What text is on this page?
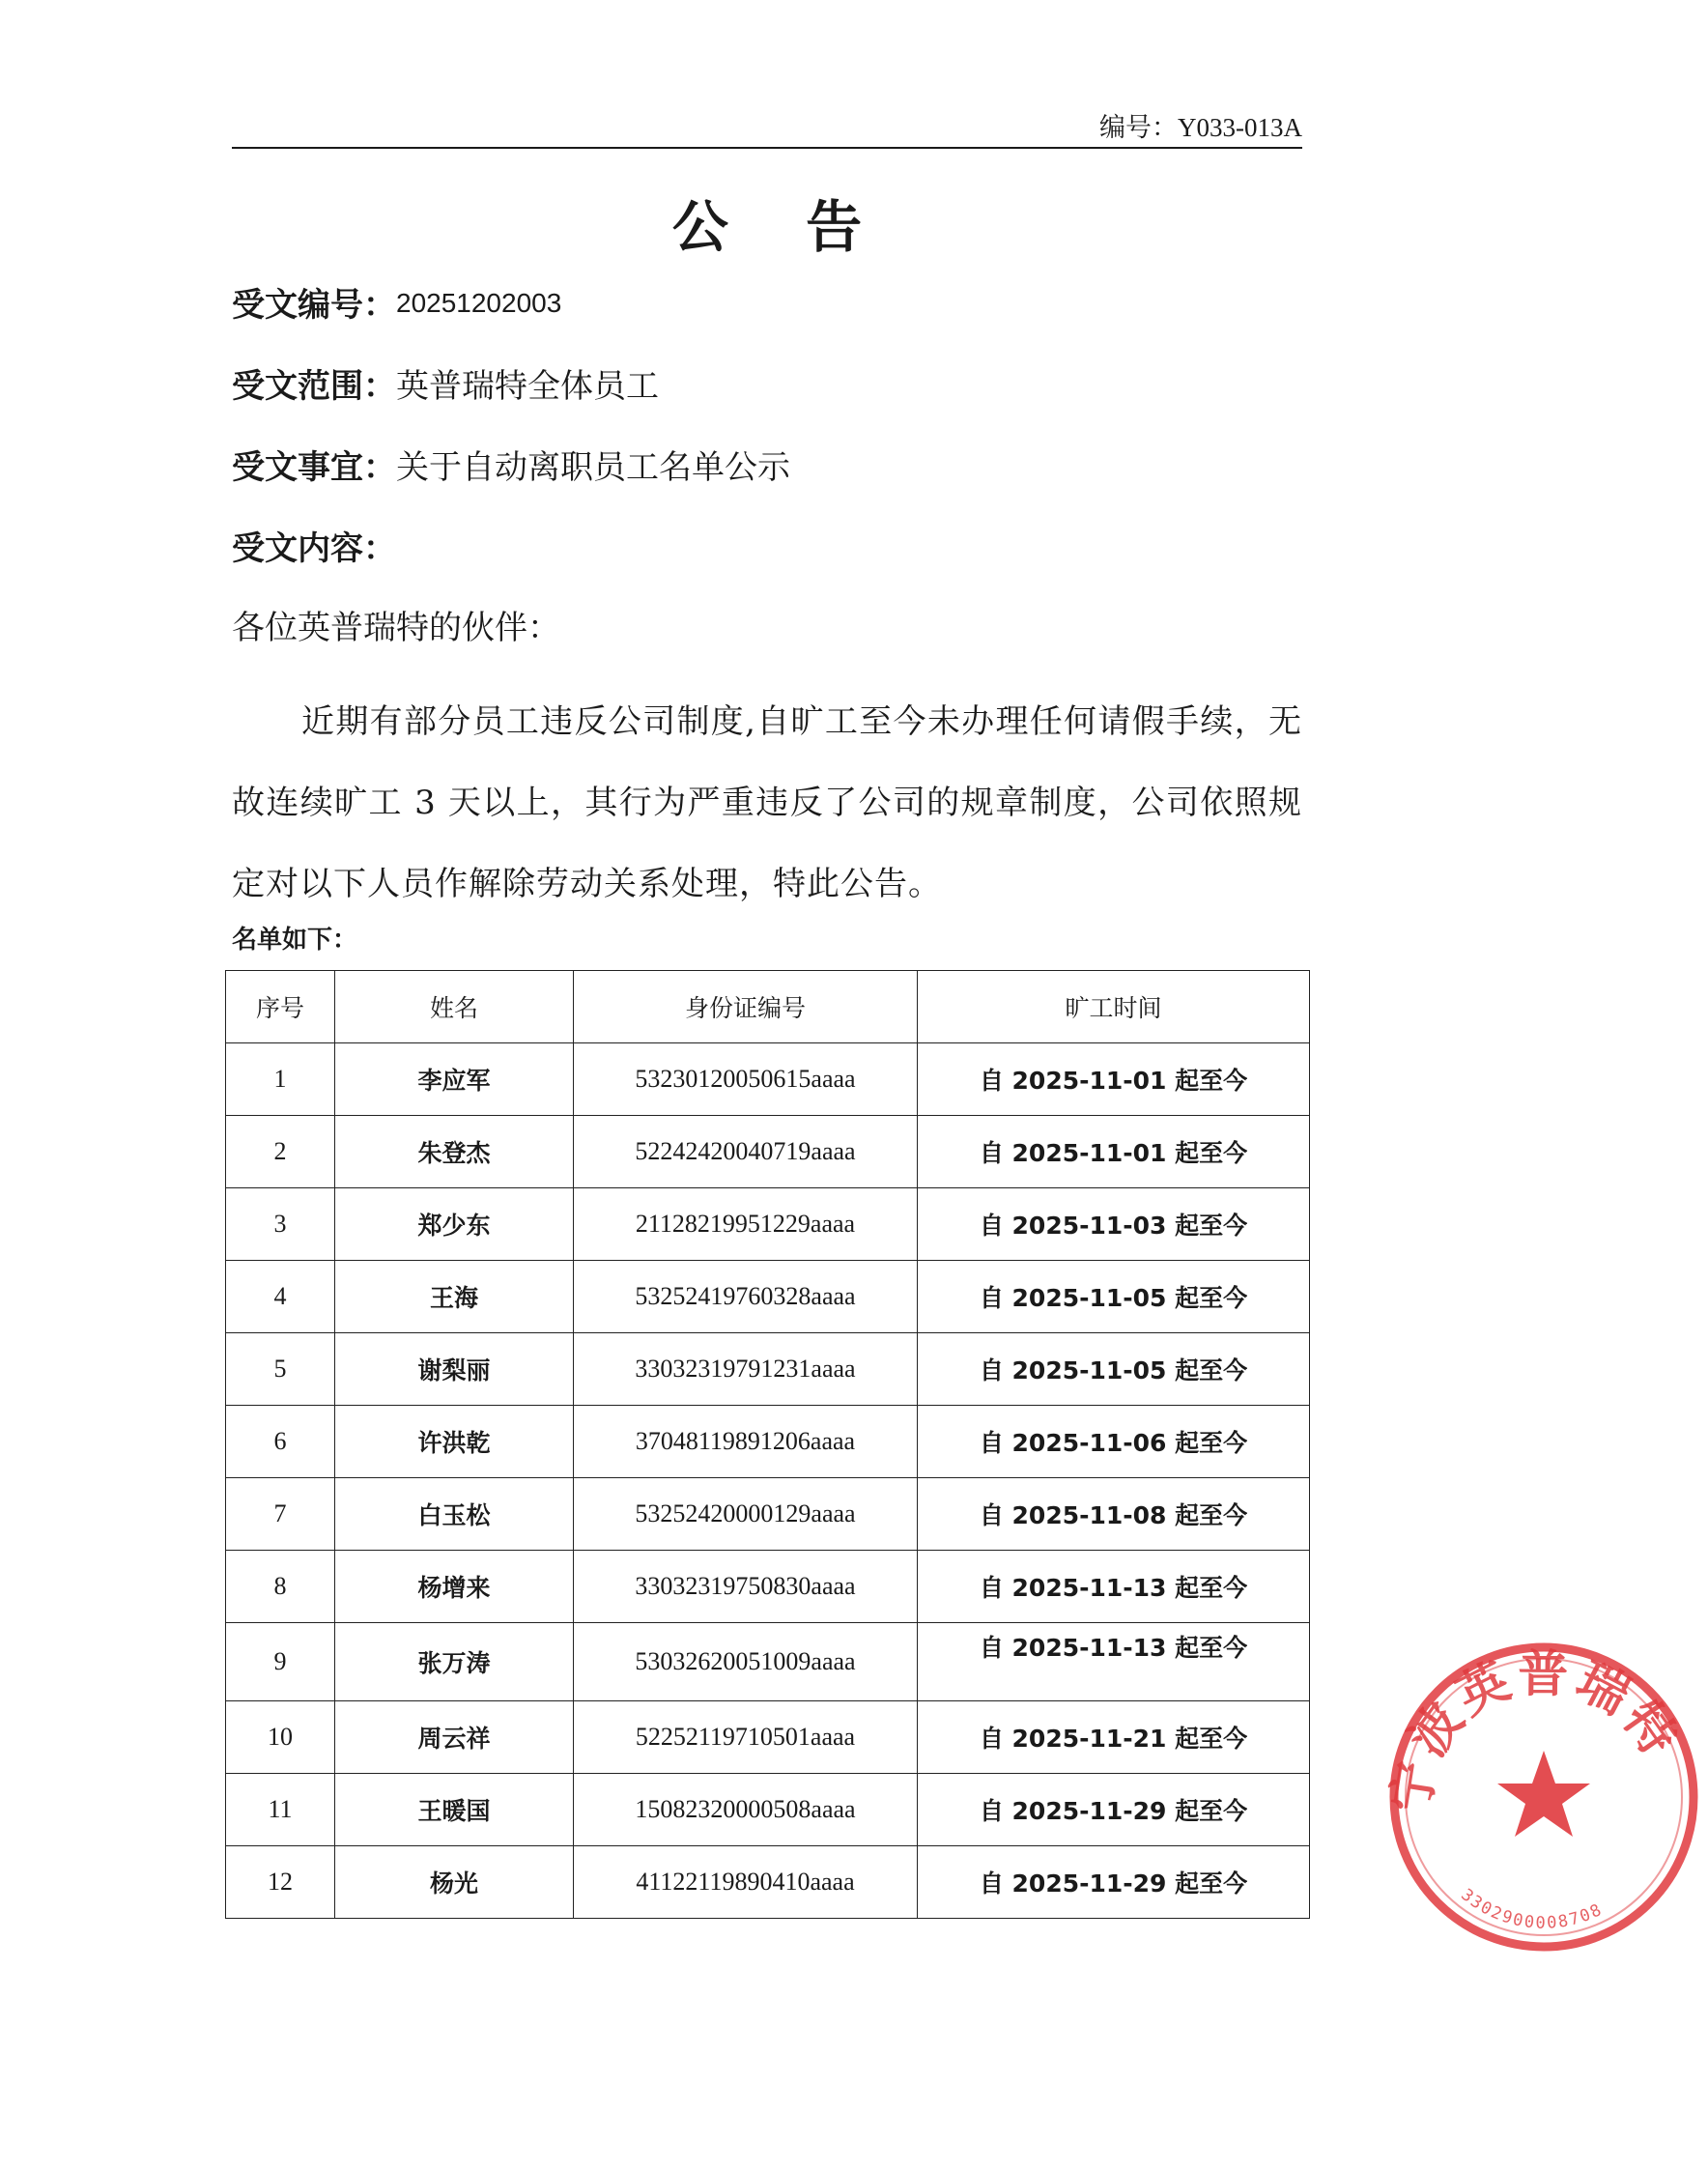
编号：Y033-013A
公 告
受文编号：20251202003
受文范围：英普瑞特全体员工
受文事宜：关于自动离职员工名单公示
受文内容：
各位英普瑞特的伙伴：
近期有部分员工违反公司制度,自旷工至今未办理任何请假手续，无故连续旷工 3 天以上，其行为严重违反了公司的规章制度，公司依照规定对以下人员作解除劳动关系处理，特此公告。
名单如下：
序号	姓名	身份证编号	旷工时间
1	李应军	53230120050615aaaa	自 2025-11-01 起至今
2	朱登杰	52242420040719aaaa	自 2025-11-01 起至今
3	郑少东	21128219951229aaaa	自 2025-11-03 起至今
4	王海	53252419760328aaaa	自 2025-11-05 起至今
5	谢梨丽	33032319791231aaaa	自 2025-11-05 起至今
6	许洪乾	37048119891206aaaa	自 2025-11-06 起至今
7	白玉松	53252420000129aaaa	自 2025-11-08 起至今
8	杨增来	33032319750830aaaa	自 2025-11-13 起至今
9	张万涛	53032620051009aaaa	自 2025-11-13 起至今
10	周云祥	52252119710501aaaa	自 2025-11-21 起至今
11	王暖国	15082320000508aaaa	自 2025-11-29 起至今
12	杨光	41122119890410aaaa	自 2025-11-29 起至今
宁波英普瑞特
3302900008708
